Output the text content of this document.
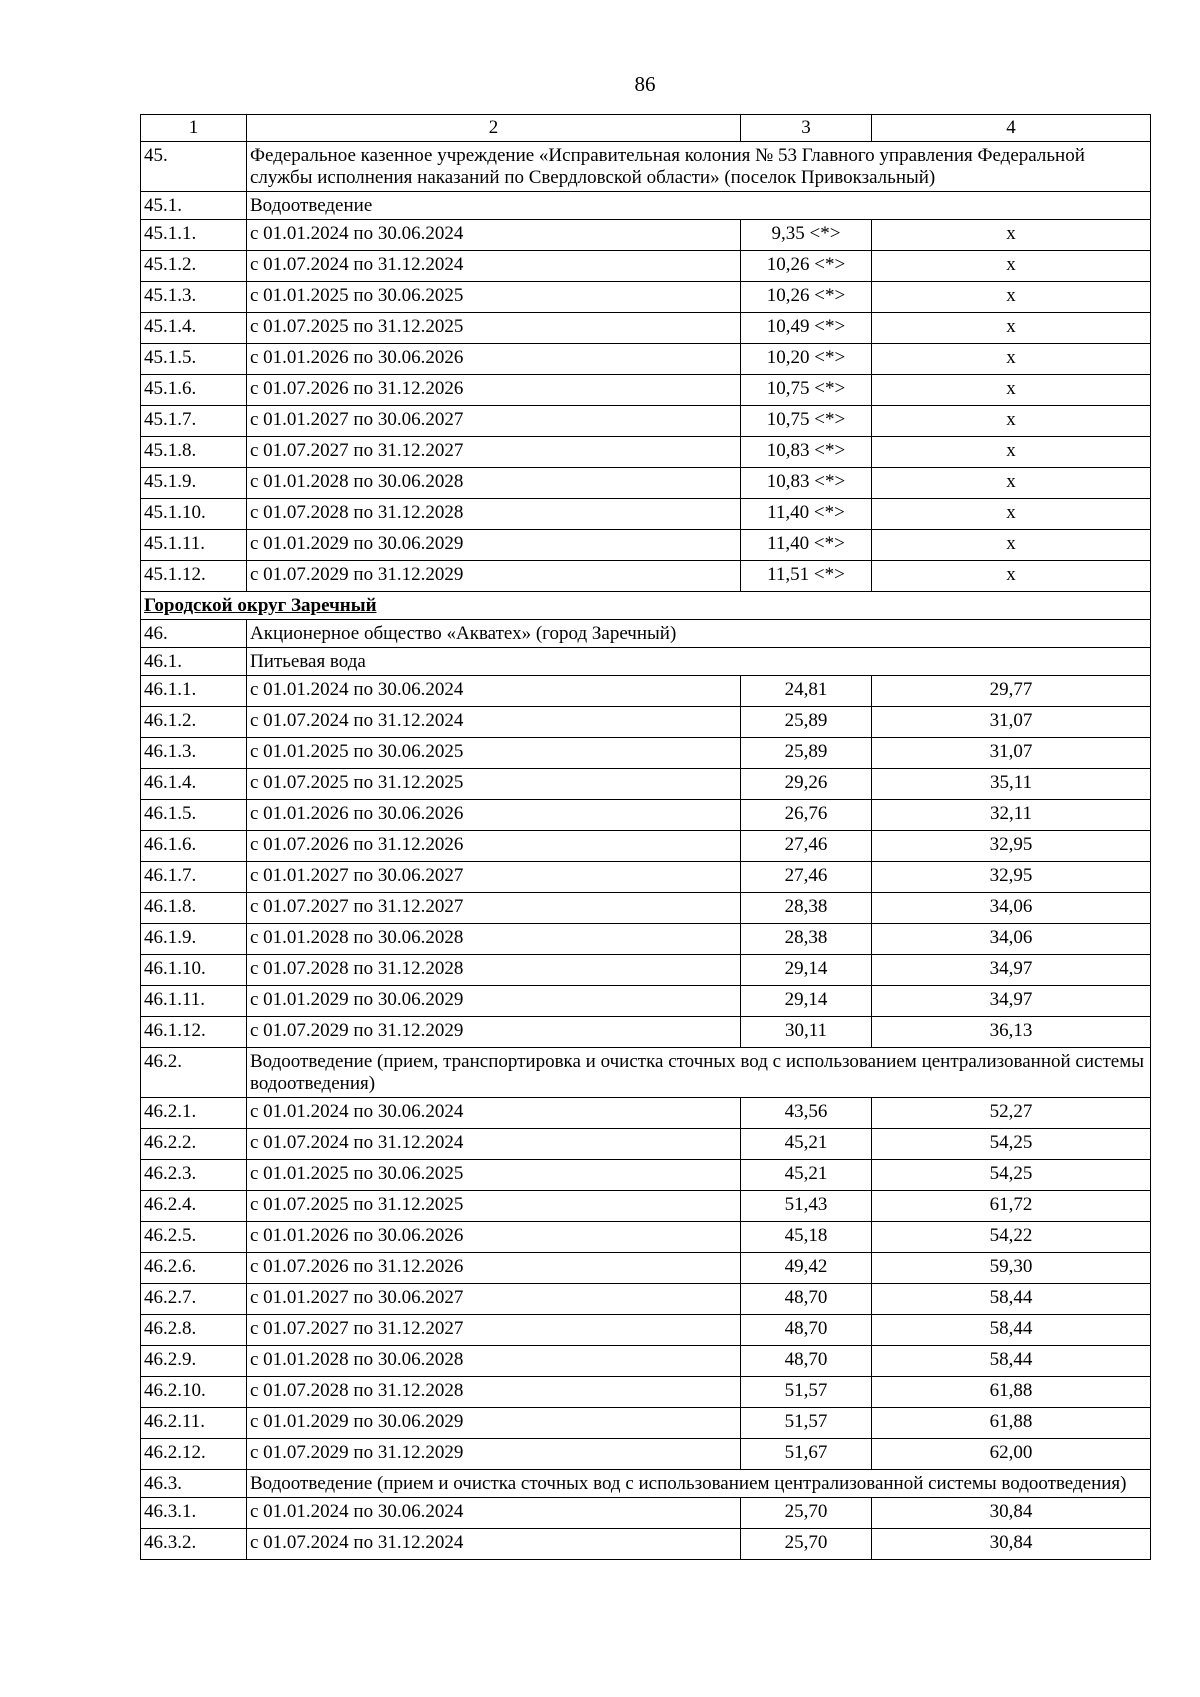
86
1	2	3	4
45.	Федеральное казенное учреждение «Исправительная колония № 53 Главного управления Федеральной службы исполнения наказаний по Свердловской области» (поселок Привокзальный)		
45.1.	Водоотведение		
45.1.1.	с 01.01.2024 по 30.06.2024	9,35 <*>	х
45.1.2.	с 01.07.2024 по 31.12.2024	10,26 <*>	х
45.1.3.	с 01.01.2025 по 30.06.2025	10,26 <*>	х
45.1.4.	с 01.07.2025 по 31.12.2025	10,49 <*>	х
45.1.5.	с 01.01.2026 по 30.06.2026	10,20 <*>	х
45.1.6.	с 01.07.2026 по 31.12.2026	10,75 <*>	х
45.1.7.	с 01.01.2027 по 30.06.2027	10,75 <*>	х
45.1.8.	с 01.07.2027 по 31.12.2027	10,83 <*>	х
45.1.9.	с 01.01.2028 по 30.06.2028	10,83 <*>	х
45.1.10.	с 01.07.2028 по 31.12.2028	11,40 <*>	х
45.1.11.	с 01.01.2029 по 30.06.2029	11,40 <*>	х
45.1.12.	с 01.07.2029 по 31.12.2029	11,51 <*>	х
Городской округ Заречный			
46.	Акционерное общество «Акватех» (город Заречный)		
46.1.	Питьевая вода		
46.1.1.	с 01.01.2024 по 30.06.2024	24,81	29,77
46.1.2.	с 01.07.2024 по 31.12.2024	25,89	31,07
46.1.3.	с 01.01.2025 по 30.06.2025	25,89	31,07
46.1.4.	с 01.07.2025 по 31.12.2025	29,26	35,11
46.1.5.	с 01.01.2026 по 30.06.2026	26,76	32,11
46.1.6.	с 01.07.2026 по 31.12.2026	27,46	32,95
46.1.7.	с 01.01.2027 по 30.06.2027	27,46	32,95
46.1.8.	с 01.07.2027 по 31.12.2027	28,38	34,06
46.1.9.	с 01.01.2028 по 30.06.2028	28,38	34,06
46.1.10.	с 01.07.2028 по 31.12.2028	29,14	34,97
46.1.11.	с 01.01.2029 по 30.06.2029	29,14	34,97
46.1.12.	с 01.07.2029 по 31.12.2029	30,11	36,13
46.2.	Водоотведение (прием, транспортировка и очистка сточных вод с использованием централизованной системы водоотведения)		
46.2.1.	с 01.01.2024 по 30.06.2024	43,56	52,27
46.2.2.	с 01.07.2024 по 31.12.2024	45,21	54,25
46.2.3.	с 01.01.2025 по 30.06.2025	45,21	54,25
46.2.4.	с 01.07.2025 по 31.12.2025	51,43	61,72
46.2.5.	с 01.01.2026 по 30.06.2026	45,18	54,22
46.2.6.	с 01.07.2026 по 31.12.2026	49,42	59,30
46.2.7.	с 01.01.2027 по 30.06.2027	48,70	58,44
46.2.8.	с 01.07.2027 по 31.12.2027	48,70	58,44
46.2.9.	с 01.01.2028 по 30.06.2028	48,70	58,44
46.2.10.	с 01.07.2028 по 31.12.2028	51,57	61,88
46.2.11.	с 01.01.2029 по 30.06.2029	51,57	61,88
46.2.12.	с 01.07.2029 по 31.12.2029	51,67	62,00
46.3.	Водоотведение (прием и очистка сточных вод с использованием централизованной системы водоотведения)		
46.3.1.	с 01.01.2024 по 30.06.2024	25,70	30,84
46.3.2.	с 01.07.2024 по 31.12.2024	25,70	30,84
